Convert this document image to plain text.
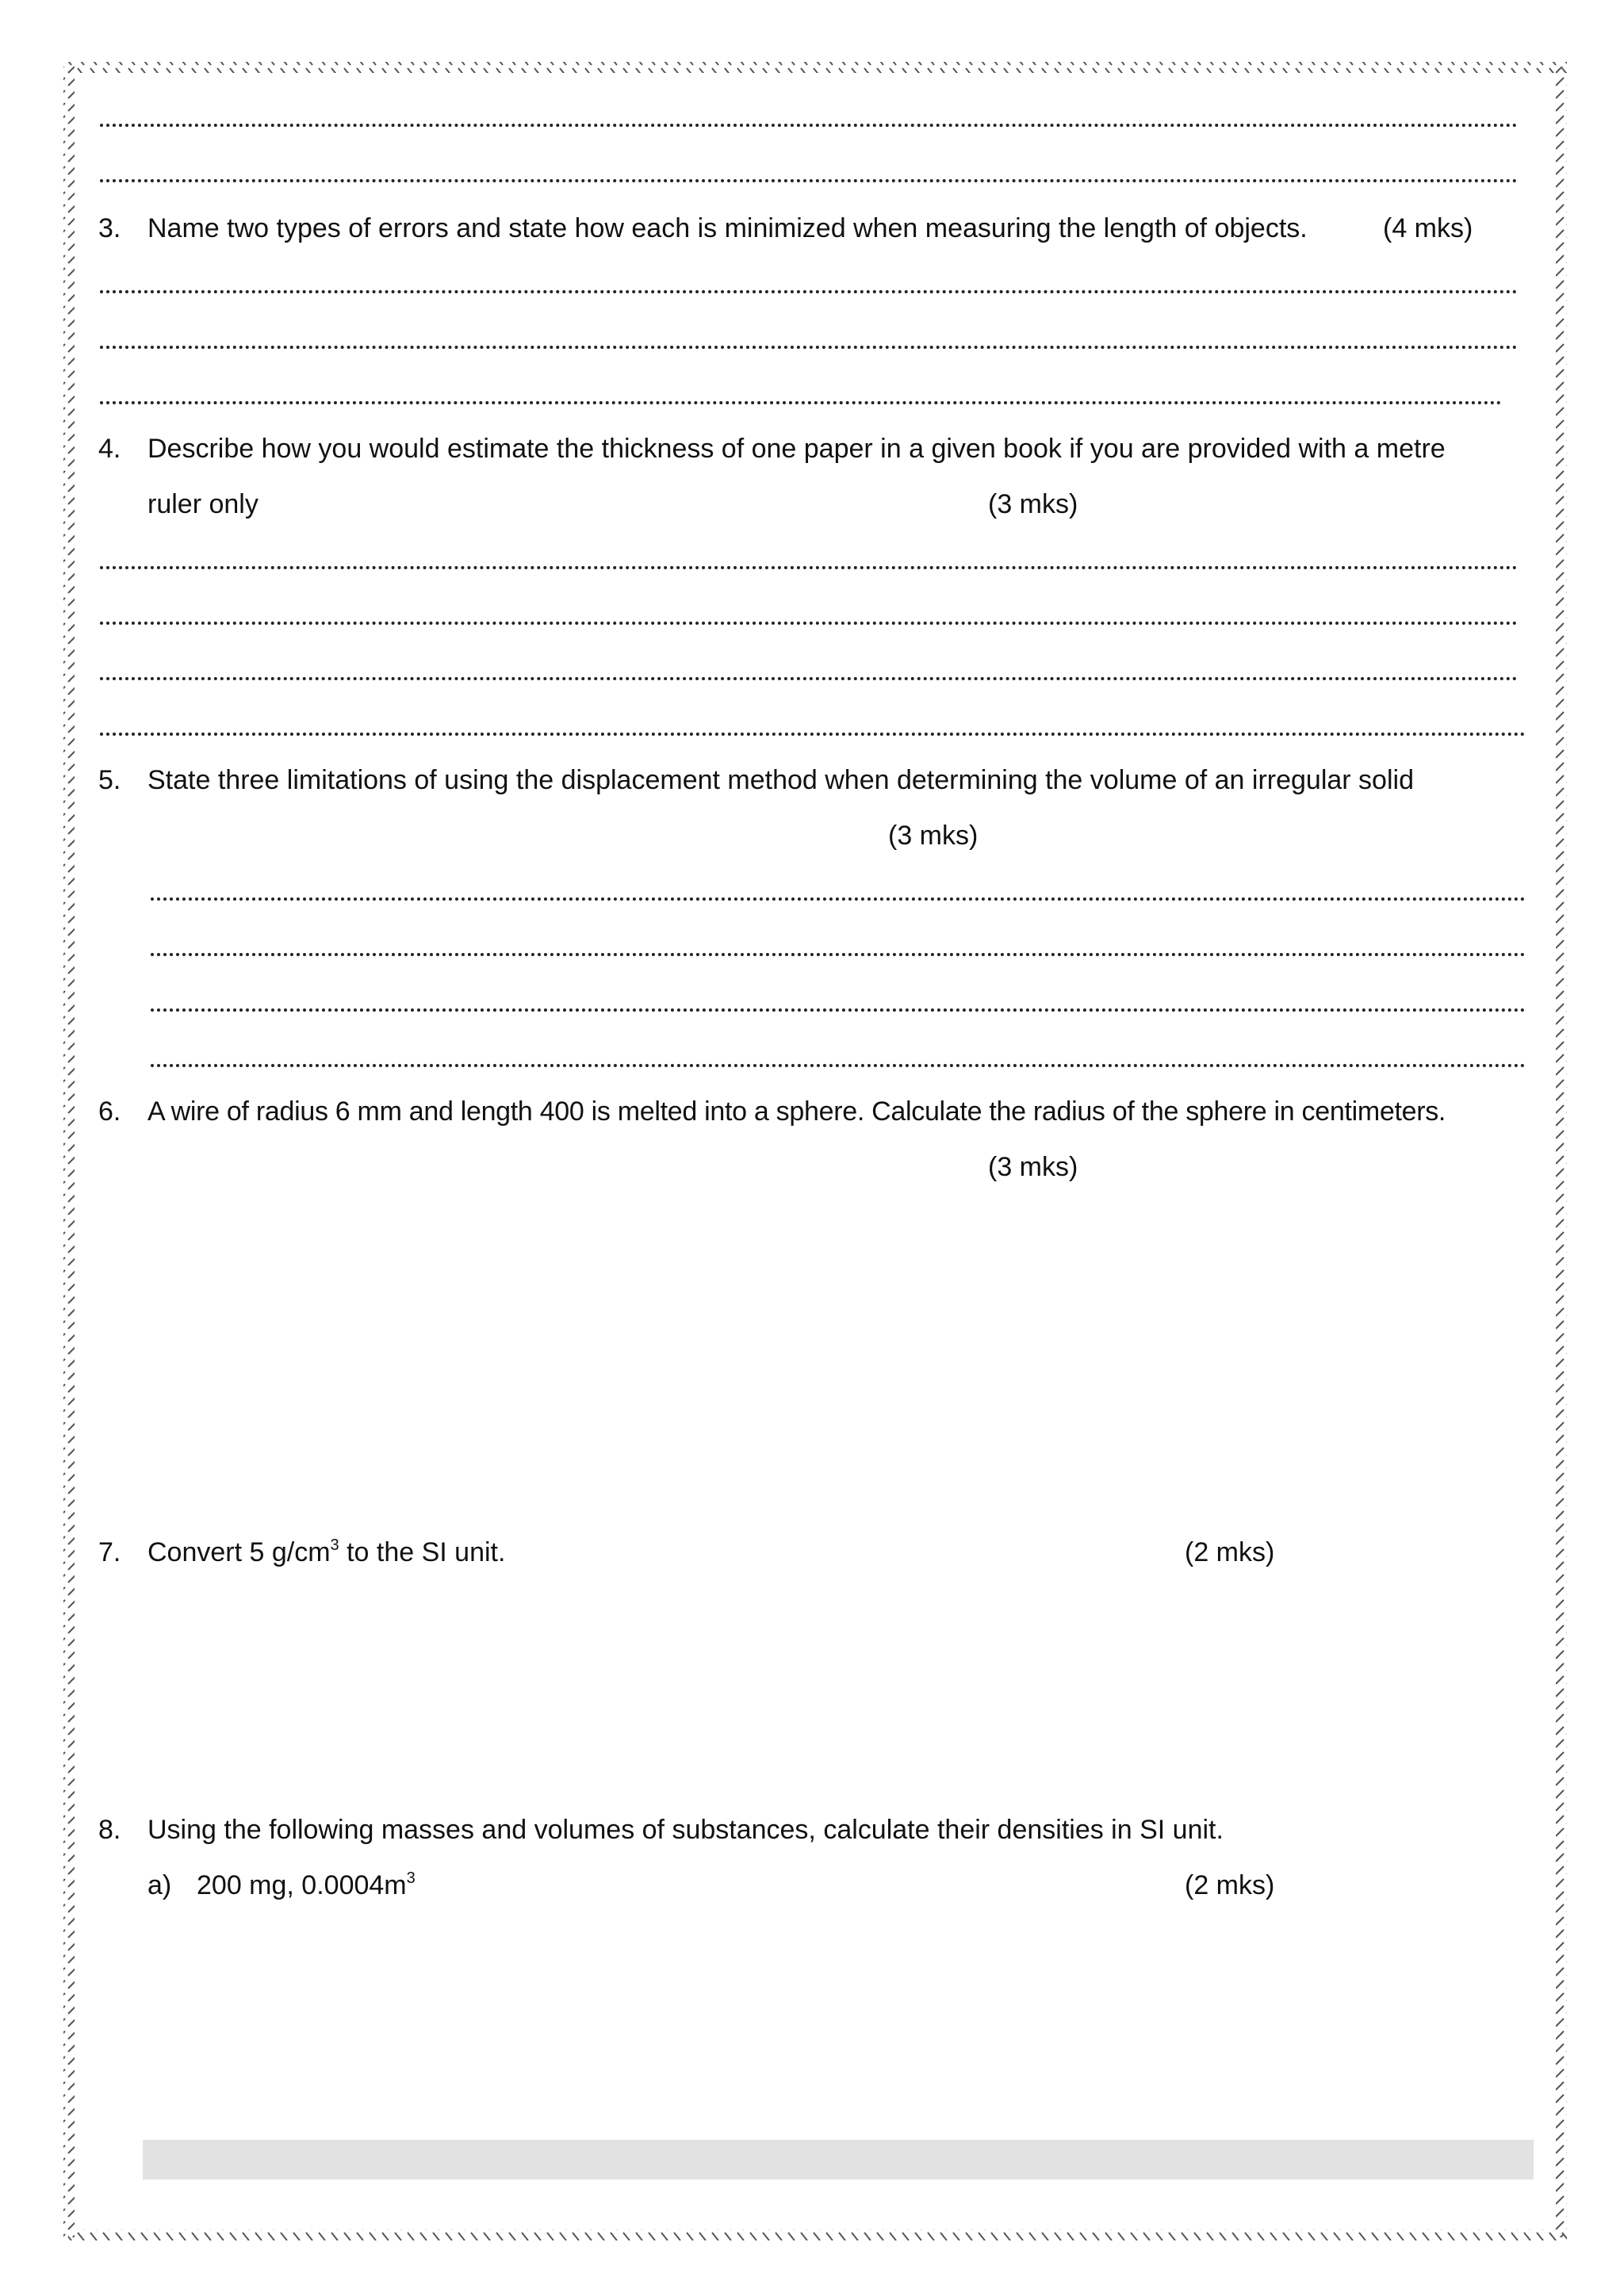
3. Name two types of errors and state how each is minimized when measuring the length of objects.	(4 mks)
4. Describe how you would estimate the thickness of one paper in a given book if you are provided with a metre
ruler only	(3 mks)
5. State three limitations of using the displacement method when determining the volume of an irregular solid
(3 mks)
6. A wire of radius 6 mm and length 400 is melted into a sphere. Calculate the radius of the sphere in centimeters.
(3 mks)
7. Convert 5 $g/cm^3$ to the SI unit.	(2 mks)
8. Using the following masses and volumes of substances, calculate their densities in SI unit.
a) 200 mg, $0.0004m^3$	(2 mks)
